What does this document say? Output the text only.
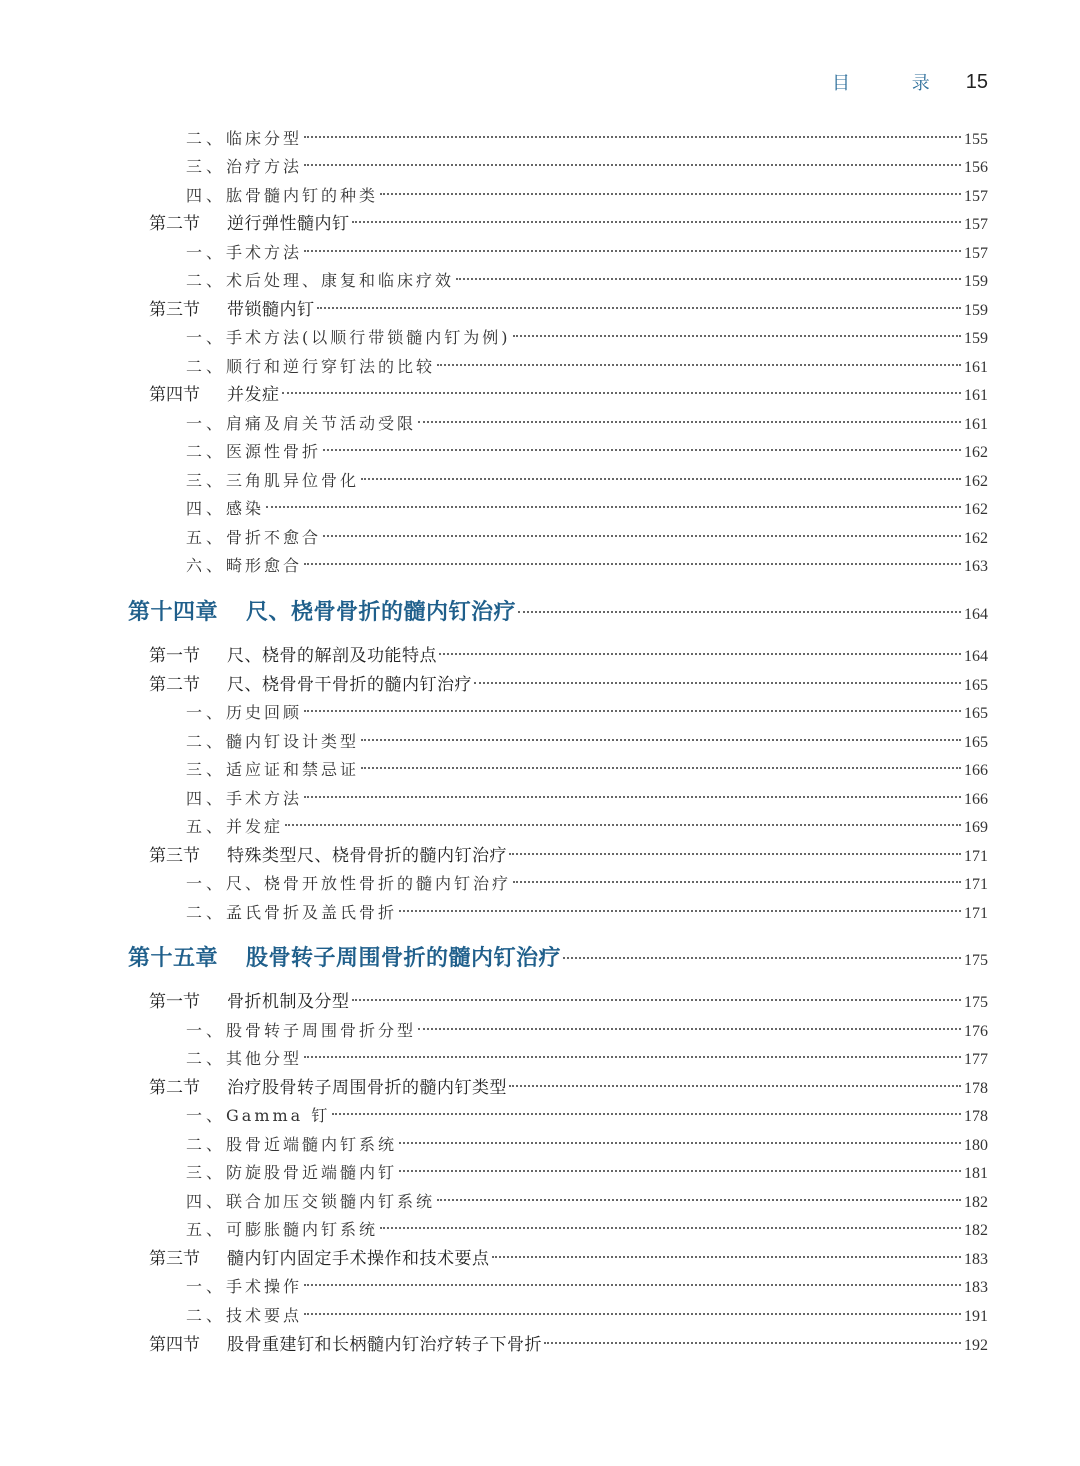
目 录 15
二、 临床分型	155
三、 治疗方法	156
四、 肱骨髓内钉的种类	157
第二节	逆行弹性髓内钉	157
一、 手术方法	157
二、 术后处理、康复和临床疗效	159
第三节	带锁髓内钉	159
一、 手术方法(以顺行带锁髓内钉为例)	159
二、 顺行和逆行穿钉法的比较	161
第四节	并发症	161
一、 肩痛及肩关节活动受限	161
二、 医源性骨折	162
三、 三角肌异位骨化	162
四、 感染	162
五、 骨折不愈合	162
六、 畸形愈合	163
第十四章	尺、桡骨骨折的髓内钉治疗	164
第一节	尺、桡骨的解剖及功能特点	164
第二节	尺、桡骨骨干骨折的髓内钉治疗	165
一、 历史回顾	165
二、 髓内钉设计类型	165
三、 适应证和禁忌证	166
四、 手术方法	166
五、 并发症	169
第三节	特殊类型尺、桡骨骨折的髓内钉治疗	171
一、 尺、桡骨开放性骨折的髓内钉治疗	171
二、 孟氏骨折及盖氏骨折	171
第十五章	股骨转子周围骨折的髓内钉治疗	175
第一节	骨折机制及分型	175
一、 股骨转子周围骨折分型	176
二、 其他分型	177
第二节	治疗股骨转子周围骨折的髓内钉类型	178
一、 Gamma 钉	178
二、 股骨近端髓内钉系统	180
三、 防旋股骨近端髓内钉	181
四、 联合加压交锁髓内钉系统	182
五、 可膨胀髓内钉系统	182
第三节	髓内钉内固定手术操作和技术要点	183
一、 手术操作	183
二、 技术要点	191
第四节	股骨重建钉和长柄髓内钉治疗转子下骨折	192
